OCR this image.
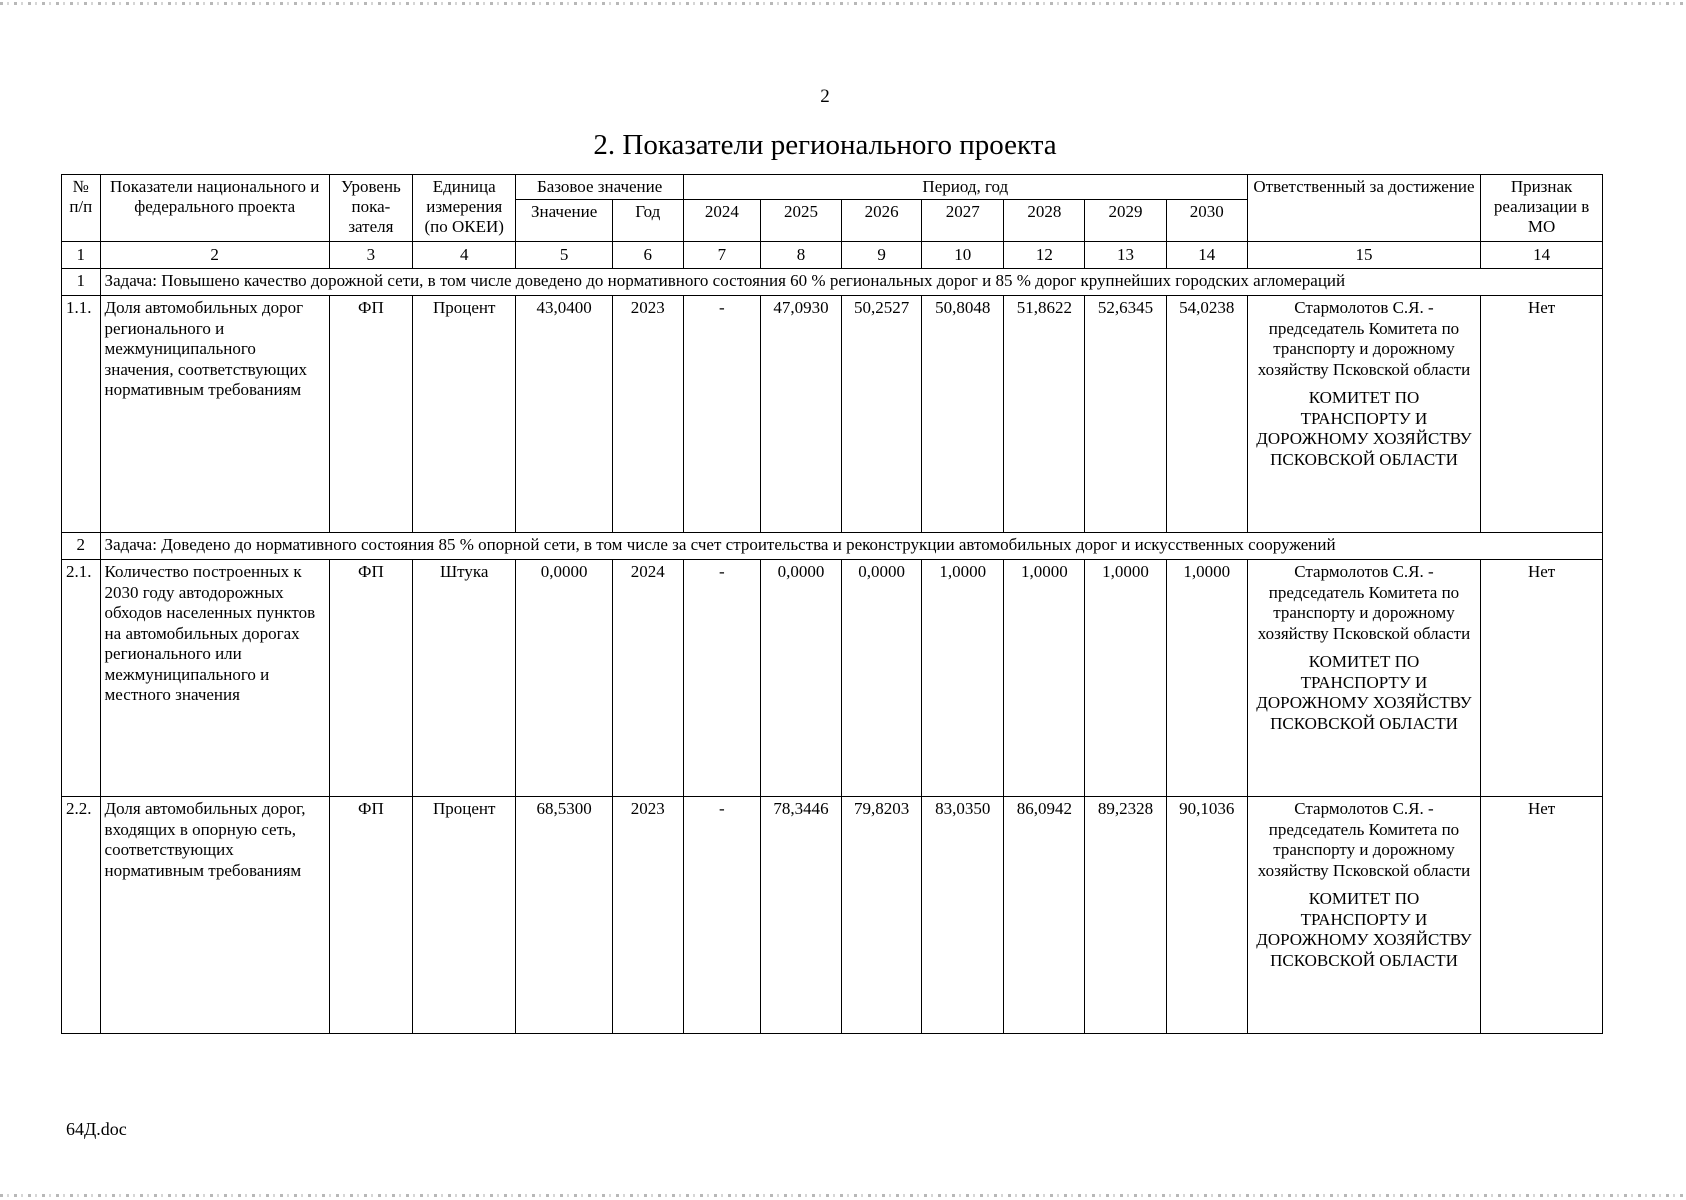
2
2. Показатели регионального проекта
№ п/п	Показатели национального и федерального проекта	Уровень пока-зателя	Единица измерения (по ОКЕИ)	Базовое значение		Период, год							Ответственный за достижение	Признак реализации в МО
				Значение	Год	2024	2025	2026	2027	2028	2029	2030		
1	2	3	4	5	6	7	8	9	10	12	13	14	15	14
1	Задача: Повышено качество дорожной сети, в том числе доведено до нормативного состояния 60 % региональных дорог и 85 % дорог крупнейших городских агломераций													
1.1.	Доля автомобильных дорог регионального и межмуниципального значения, соответствующих нормативным требованиям	ФП	Процент	43,0400	2023	-	47,0930	50,2527	50,8048	51,8622	52,6345	54,0238	Стармолотов С.Я. - председатель Комитета по транспорту и дорожному хозяйству Псковской области
КОМИТЕТ ПО ТРАНСПОРТУ И ДОРОЖНОМУ ХОЗЯЙСТВУ ПСКОВСКОЙ ОБЛАСТИ	Нет
2	Задача: Доведено до нормативного состояния 85 % опорной сети, в том числе за счет строительства и реконструкции автомобильных дорог и искусственных сооружений													
2.1.	Количество построенных к 2030 году автодорожных обходов населенных пунктов на автомобильных дорогах регионального или межмуниципального и местного значения	ФП	Штука	0,0000	2024	-	0,0000	0,0000	1,0000	1,0000	1,0000	1,0000	Стармолотов С.Я. - председатель Комитета по транспорту и дорожному хозяйству Псковской области
КОМИТЕТ ПО ТРАНСПОРТУ И ДОРОЖНОМУ ХОЗЯЙСТВУ ПСКОВСКОЙ ОБЛАСТИ	Нет
2.2.	Доля автомобильных дорог, входящих в опорную сеть, соответствующих нормативным требованиям	ФП	Процент	68,5300	2023	-	78,3446	79,8203	83,0350	86,0942	89,2328	90,1036	Стармолотов С.Я. - председатель Комитета по транспорту и дорожному хозяйству Псковской области
КОМИТЕТ ПО ТРАНСПОРТУ И ДОРОЖНОМУ ХОЗЯЙСТВУ ПСКОВСКОЙ ОБЛАСТИ	Нет
64Д.doc
